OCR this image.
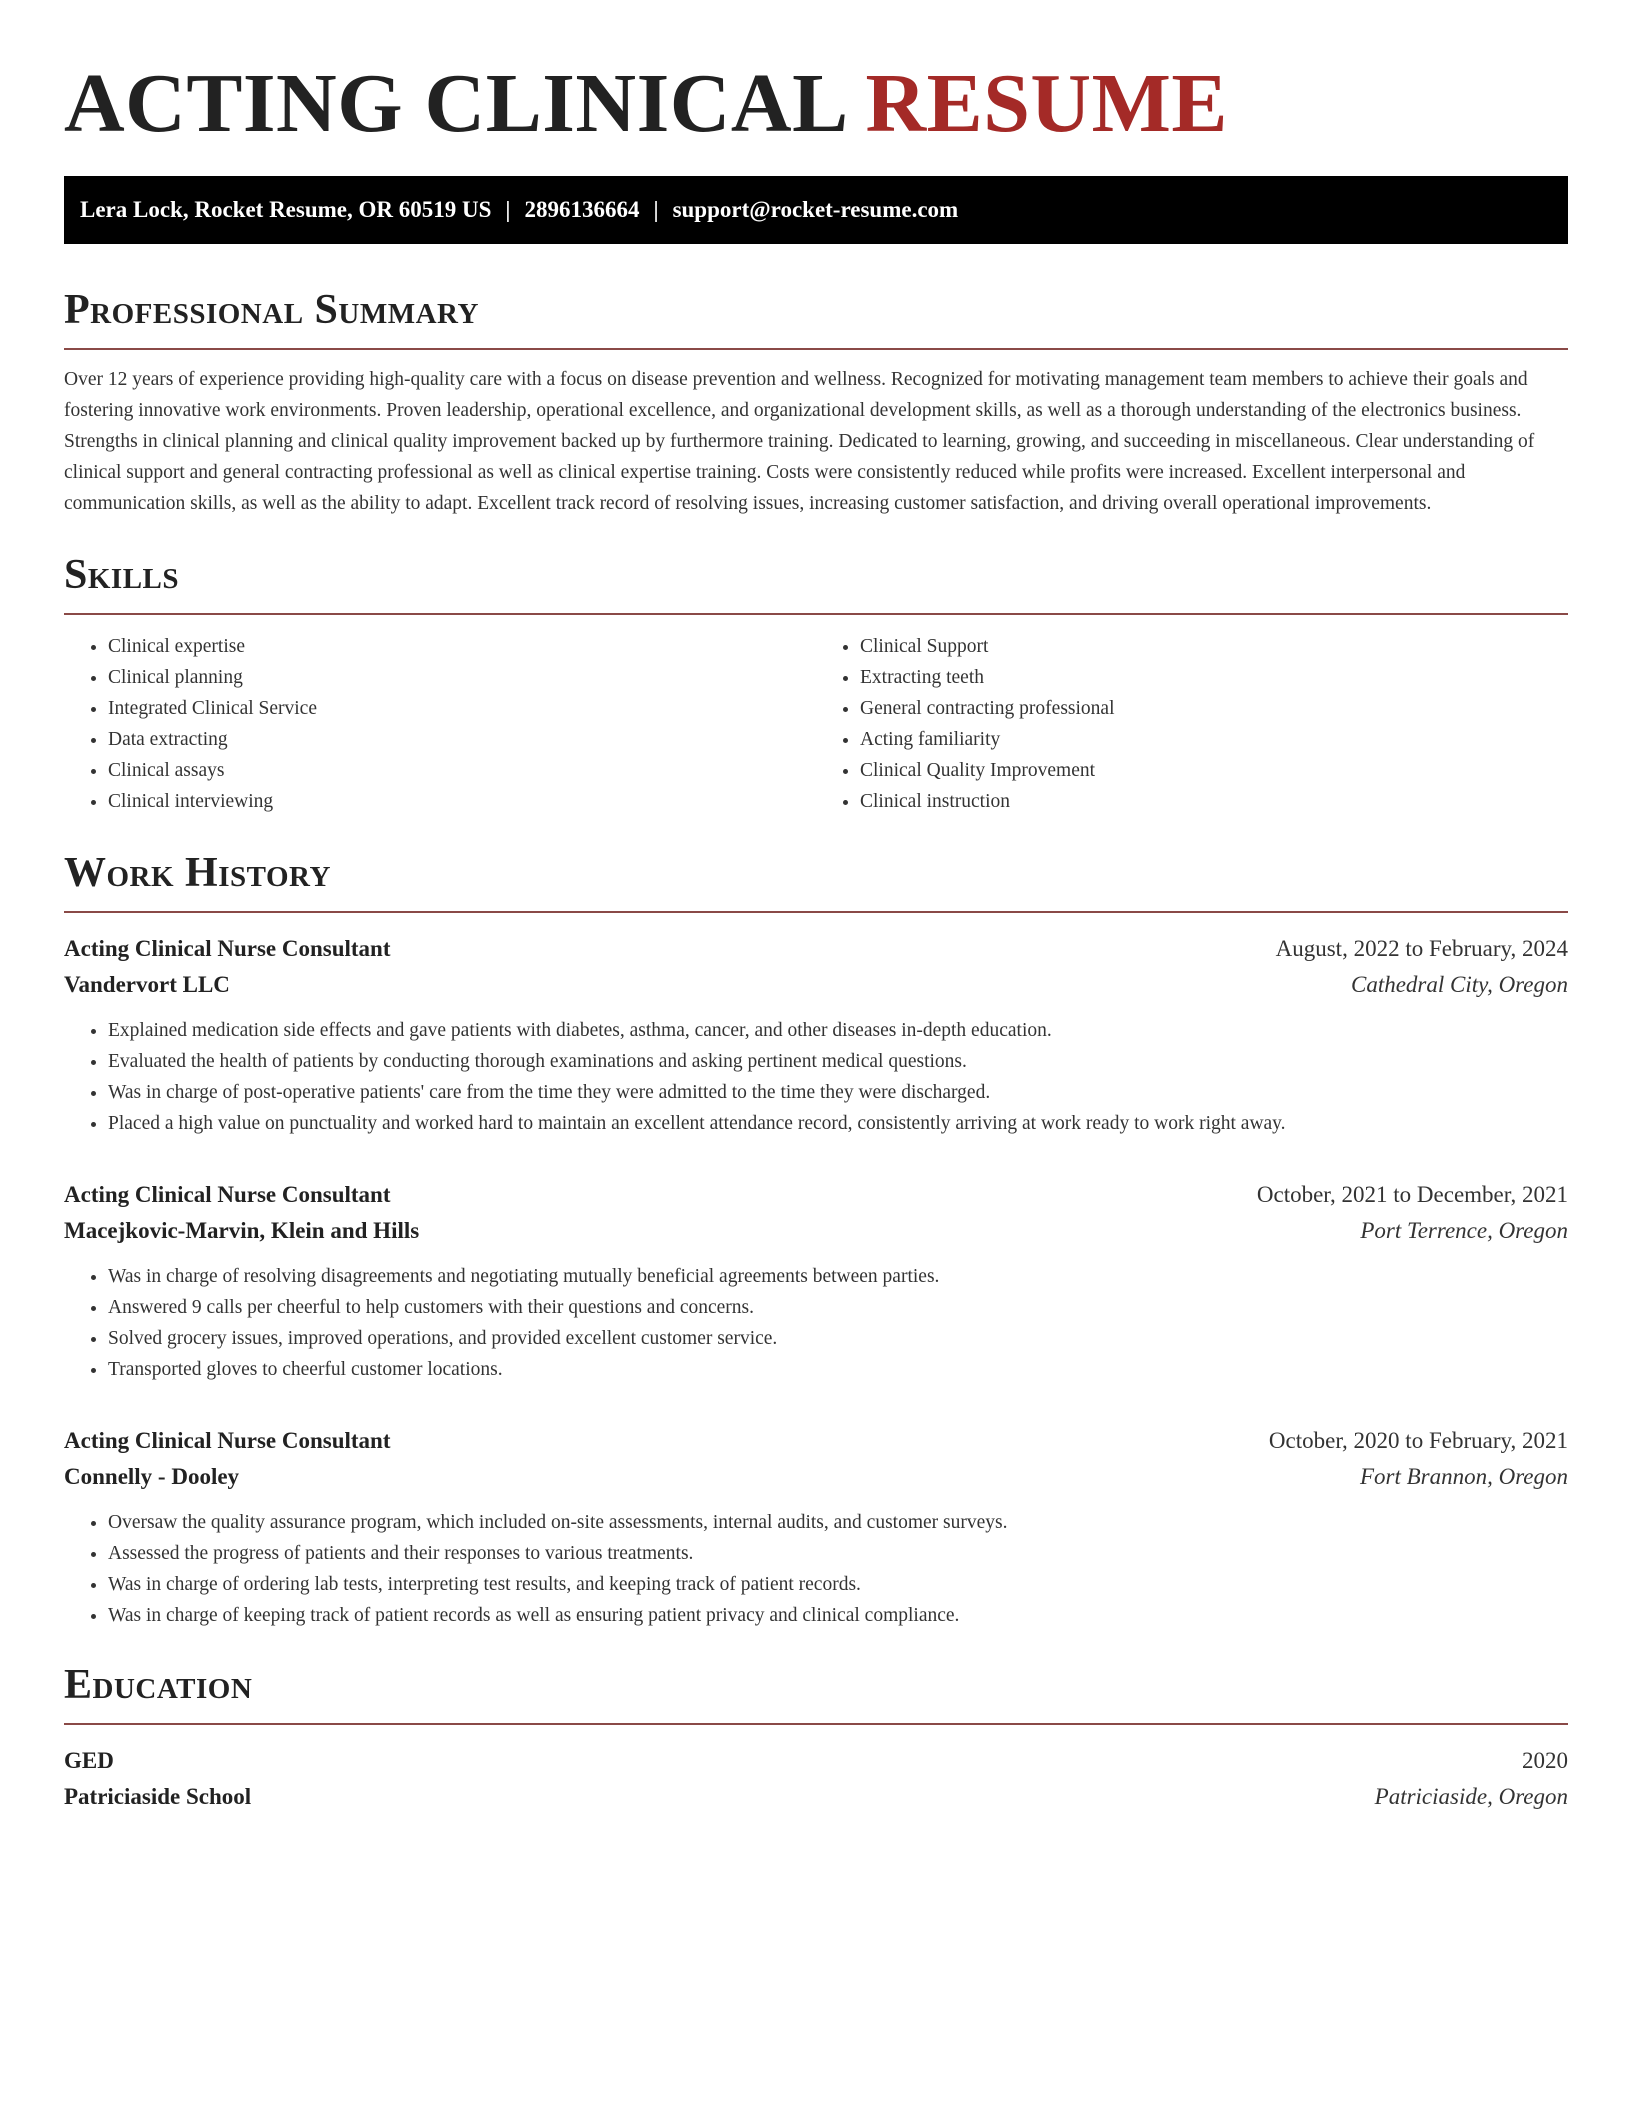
ACTING CLINICAL RESUME
Lera Lock, Rocket Resume, OR 60519 US | 2896136664 | support@rocket-resume.com
Professional Summary

Over 12 years of experience providing high-quality care with a focus on disease prevention and wellness. Recognized for motivating management team members to achieve their goals and fostering innovative work environments. Proven leadership, operational excellence, and organizational development skills, as well as a thorough understanding of the electronics business. Strengths in clinical planning and clinical quality improvement backed up by furthermore training. Dedicated to learning, growing, and succeeding in miscellaneous. Clear understanding of clinical support and general contracting professional as well as clinical expertise training. Costs were consistently reduced while profits were increased. Excellent interpersonal and communication skills, as well as the ability to adapt. Excellent track record of resolving issues, increasing customer satisfaction, and driving overall operational improvements.

Skills
• Clinical expertise
• Clinical planning
• Integrated Clinical Service
• Data extracting
• Clinical assays
• Clinical interviewing
• Clinical Support
• Extracting teeth
• General contracting professional
• Acting familiarity
• Clinical Quality Improvement
• Clinical instruction
Work History
Acting Clinical Nurse Consultant	August, 2022 to February, 2024
Vandervort LLC	Cathedral City, Oregon
• Explained medication side effects and gave patients with diabetes, asthma, cancer, and other diseases in-depth education.
• Evaluated the health of patients by conducting thorough examinations and asking pertinent medical questions.
• Was in charge of post-operative patients' care from the time they were admitted to the time they were discharged.
• Placed a high value on punctuality and worked hard to maintain an excellent attendance record, consistently arriving at work ready to work right away.
Acting Clinical Nurse Consultant	October, 2021 to December, 2021
Macejkovic-Marvin, Klein and Hills	Port Terrence, Oregon
• Was in charge of resolving disagreements and negotiating mutually beneficial agreements between parties.
• Answered 9 calls per cheerful to help customers with their questions and concerns.
• Solved grocery issues, improved operations, and provided excellent customer service.
• Transported gloves to cheerful customer locations.
Acting Clinical Nurse Consultant	October, 2020 to February, 2021
Connelly - Dooley	Fort Brannon, Oregon
• Oversaw the quality assurance program, which included on-site assessments, internal audits, and customer surveys.
• Assessed the progress of patients and their responses to various treatments.
• Was in charge of ordering lab tests, interpreting test results, and keeping track of patient records.
• Was in charge of keeping track of patient records as well as ensuring patient privacy and clinical compliance.
Education
GED	2020
Patriciaside School	Patriciaside, Oregon
